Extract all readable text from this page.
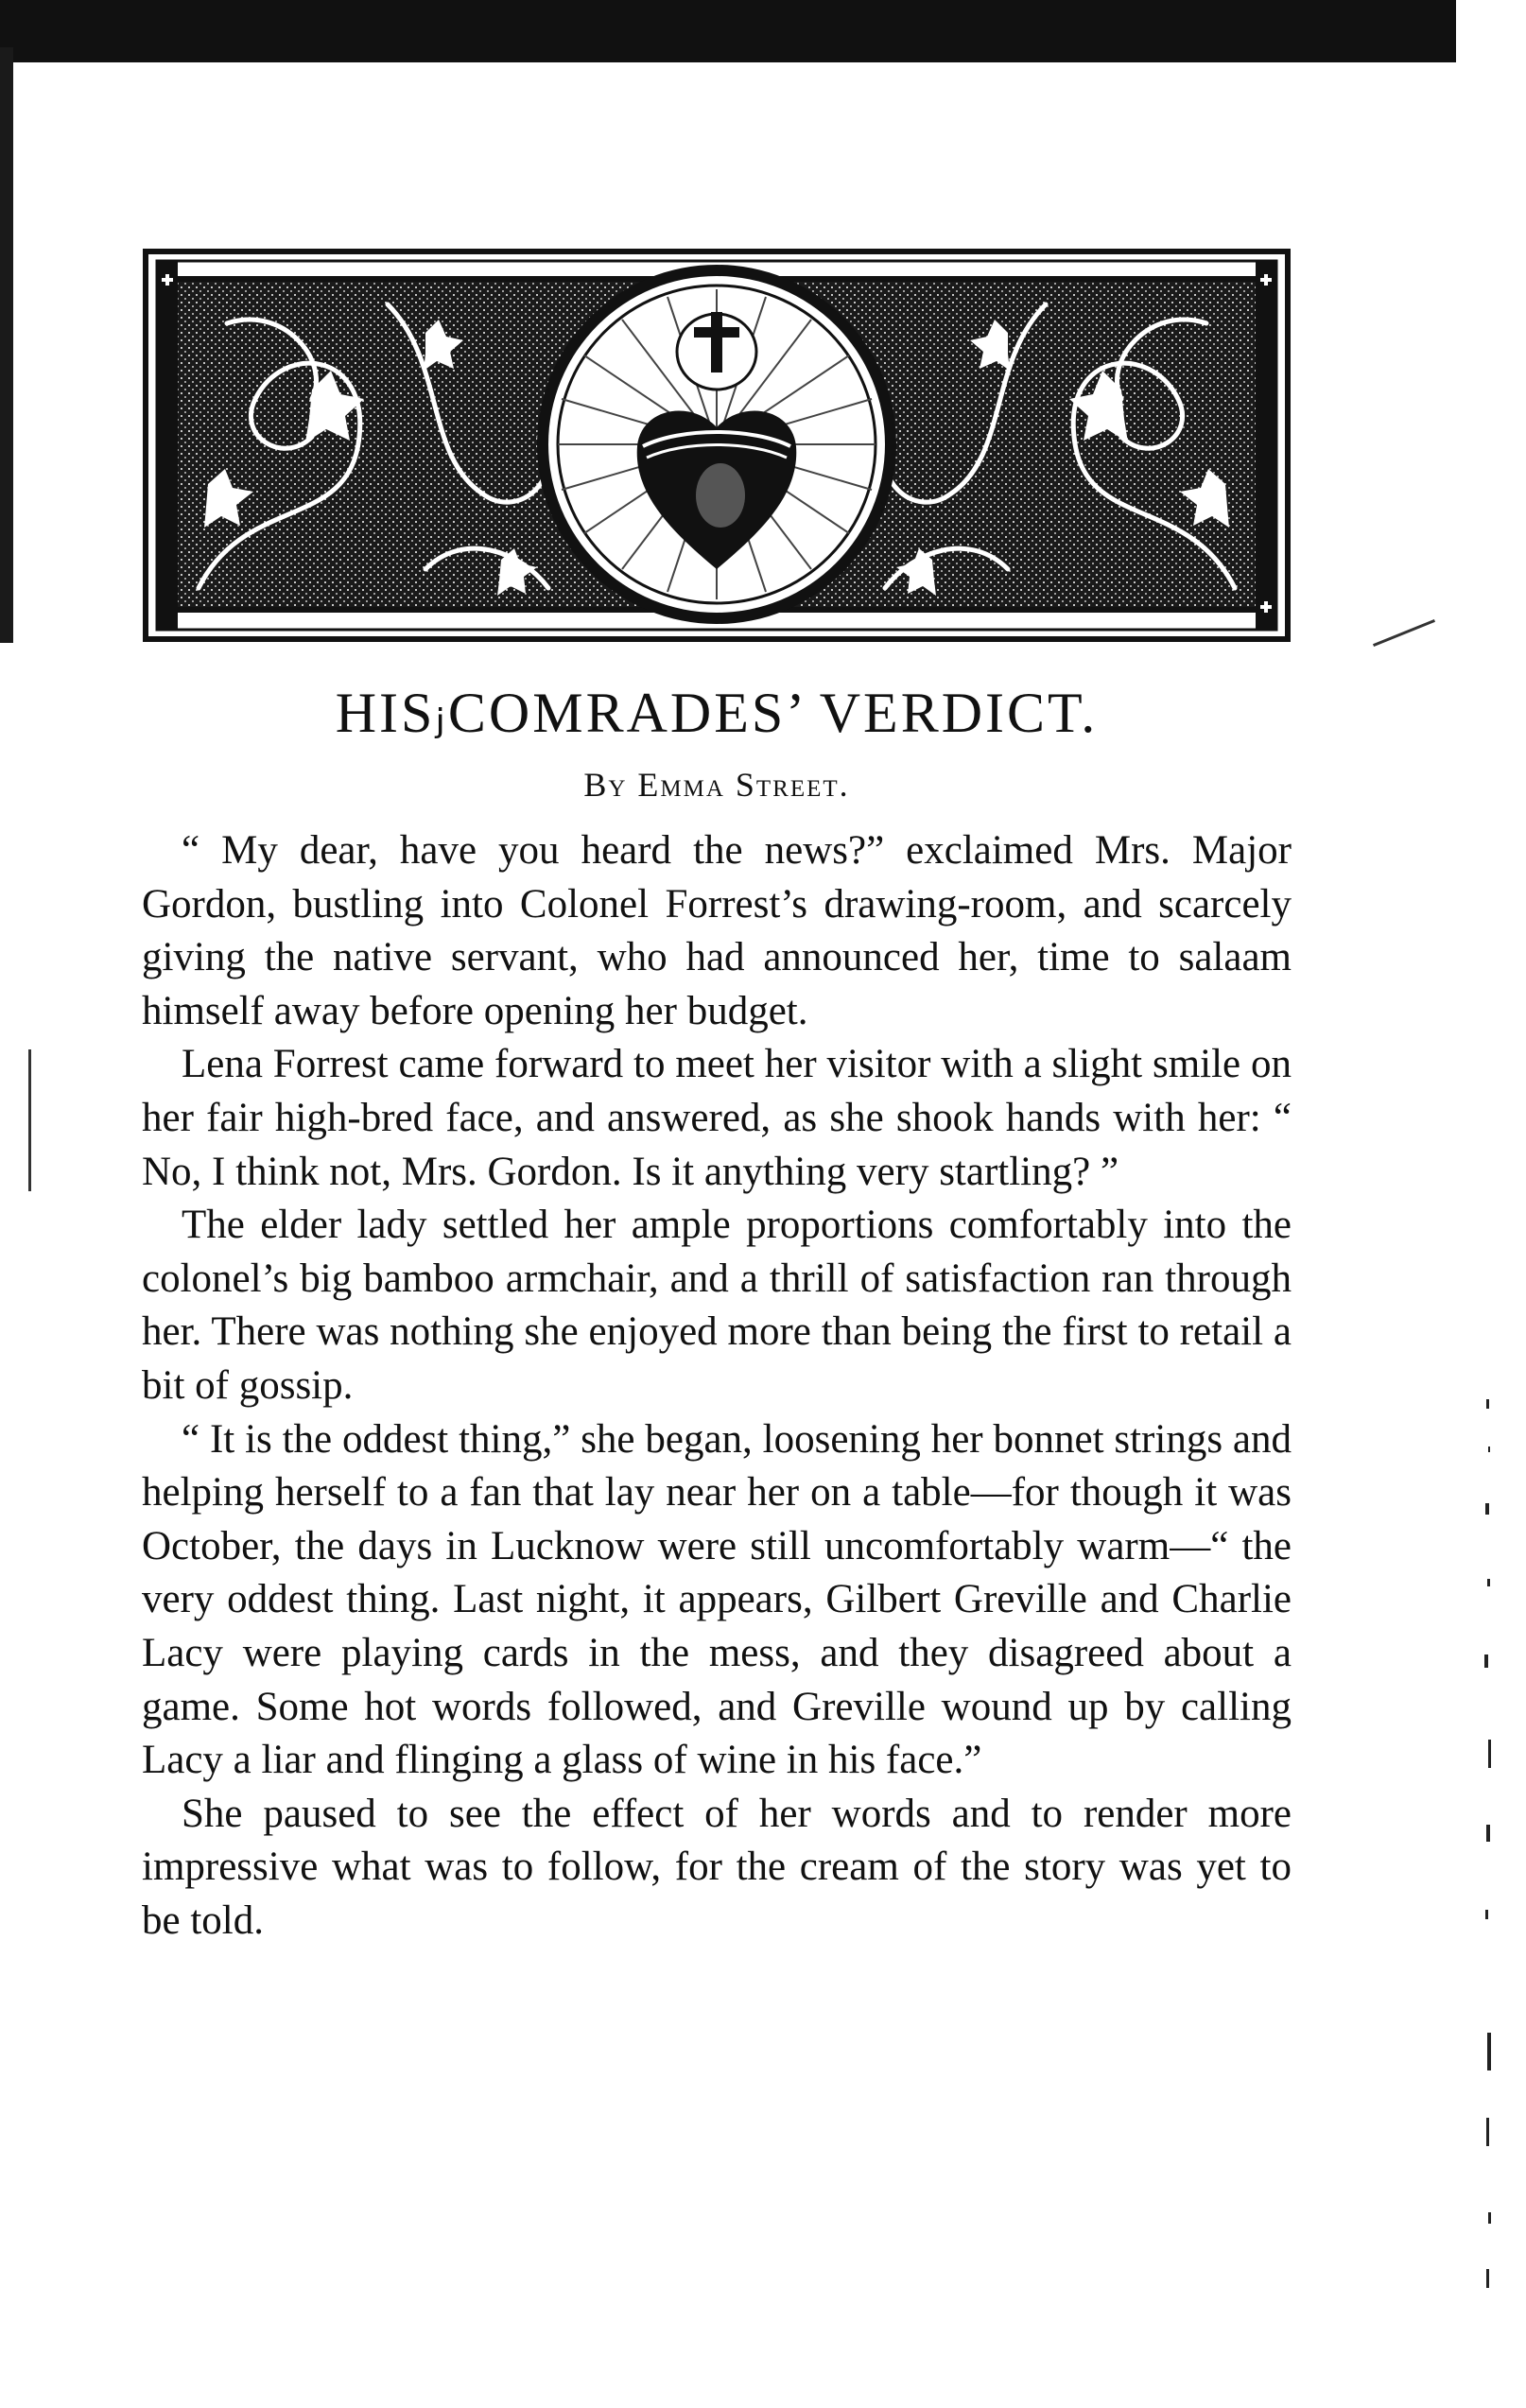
HISⱼCOMRADES’ VERDICT.
By Emma Street.

“ My dear, have you heard the news?” exclaimed Mrs. Major Gordon, bustling into Colonel Forrest’s drawing-room, and scarcely giving the native servant, who had announced her, time to salaam himself away before opening her budget.

Lena Forrest came forward to meet her visitor with a slight smile on her fair high-bred face, and answered, as she shook hands with her: “ No, I think not, Mrs. Gordon. Is it anything very startling? ”

The elder lady settled her ample proportions comfortably into the colonel’s big bamboo armchair, and a thrill of satisfaction ran through her. There was nothing she enjoyed more than being the first to retail a bit of gossip.

“ It is the oddest thing,” she began, loosening her bonnet strings and helping herself to a fan that lay near her on a table—for though it was October, the days in Lucknow were still uncomfortably warm—“ the very oddest thing. Last night, it appears, Gilbert Greville and Charlie Lacy were playing cards in the mess, and they disagreed about a game. Some hot words followed, and Greville wound up by calling Lacy a liar and flinging a glass of wine in his face.”

She paused to see the effect of her words and to render more impressive what was to follow, for the cream of the story was yet to be told.
